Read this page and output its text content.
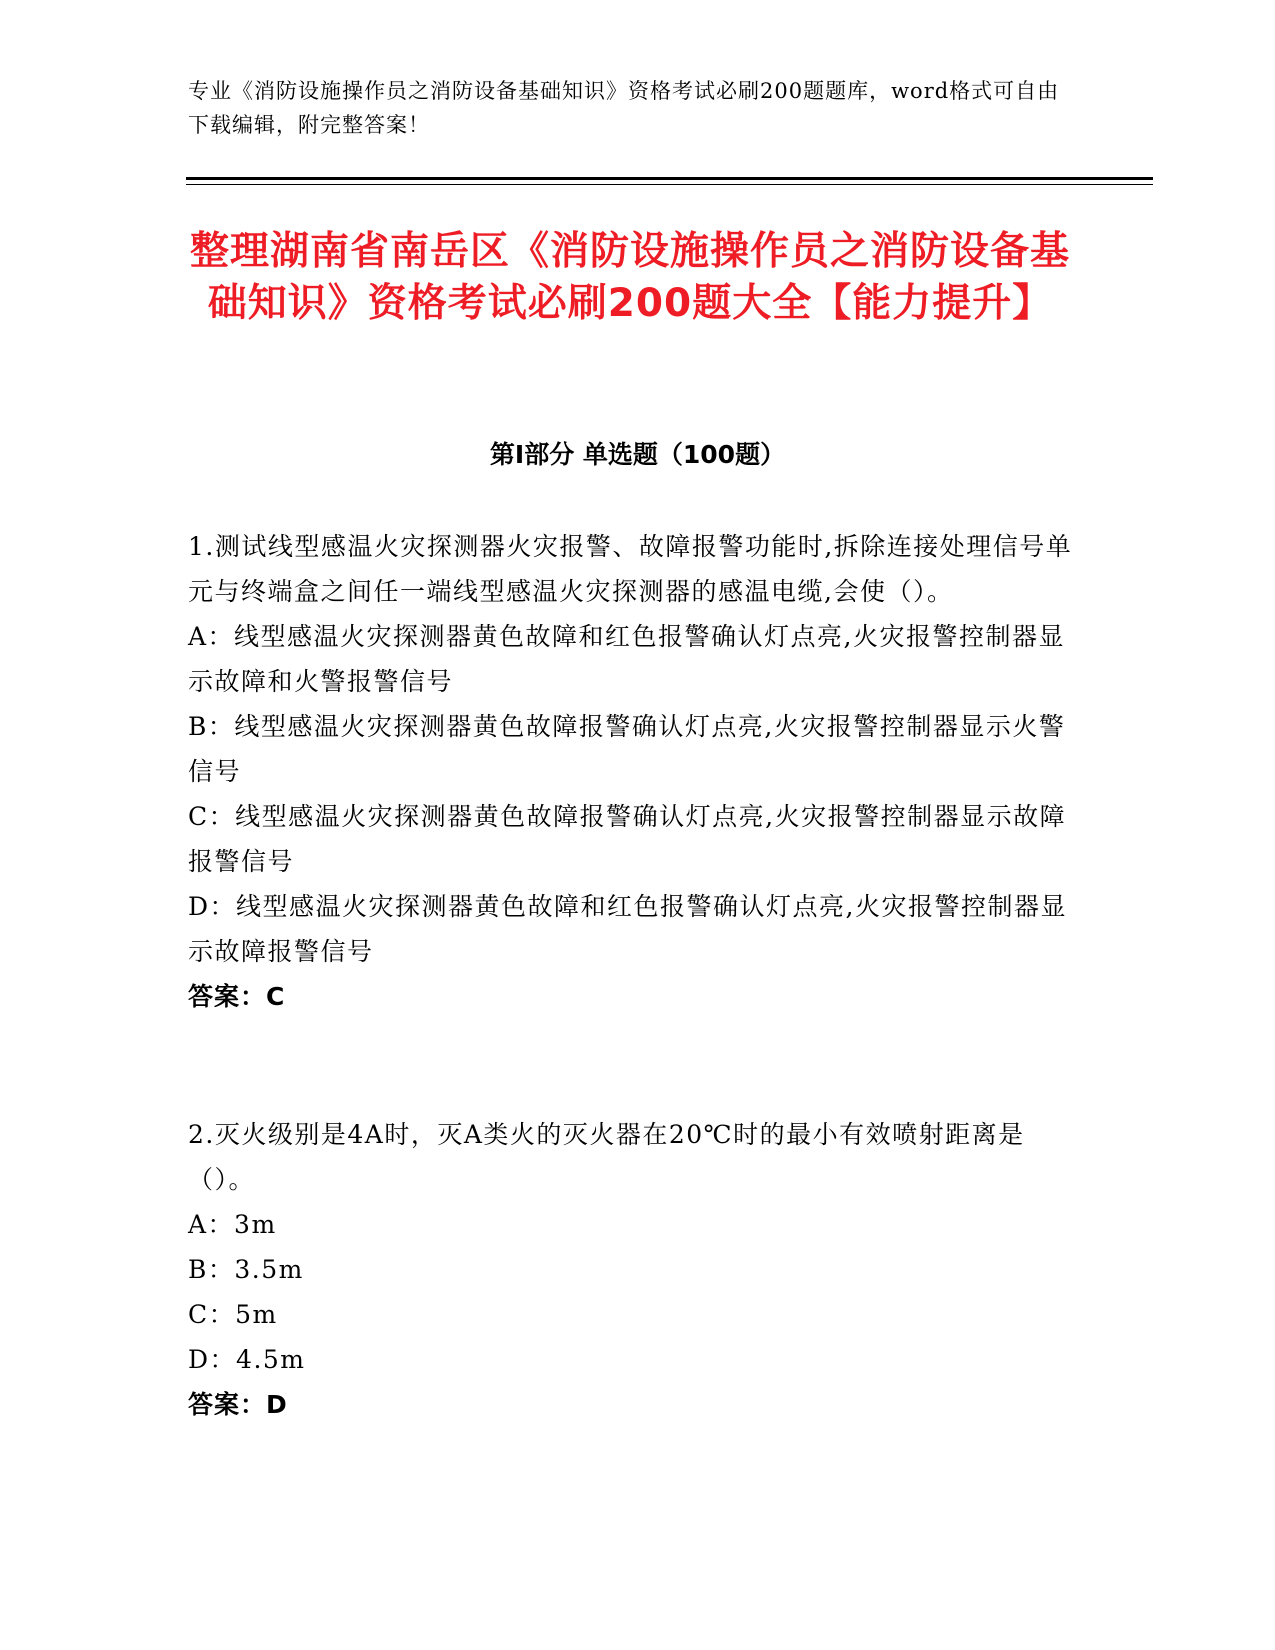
专业《消防设施操作员之消防设备基础知识》资格考试必刷200题题库，word格式可自由下载编辑，附完整答案！
整理湖南省南岳区《消防设施操作员之消防设备基础知识》资格考试必刷200题大全【能力提升】
第Ⅰ部分 单选题（100题）

1.测试线型感温火灾探测器火灾报警、故障报警功能时,拆除连接处理信号单元与终端盒之间任一端线型感温火灾探测器的感温电缆,会使（）。

A：线型感温火灾探测器黄色故障和红色报警确认灯点亮,火灾报警控制器显示故障和火警报警信号

B：线型感温火灾探测器黄色故障报警确认灯点亮,火灾报警控制器显示火警信号

C：线型感温火灾探测器黄色故障报警确认灯点亮,火灾报警控制器显示故障报警信号

D：线型感温火灾探测器黄色故障和红色报警确认灯点亮,火灾报警控制器显示故障报警信号

答案：C

2.灭火级别是4A时，灭A类火的灭火器在20℃时的最小有效喷射距离是（）。

A：3m

B：3.5m

C：5m

D：4.5m

答案：D
